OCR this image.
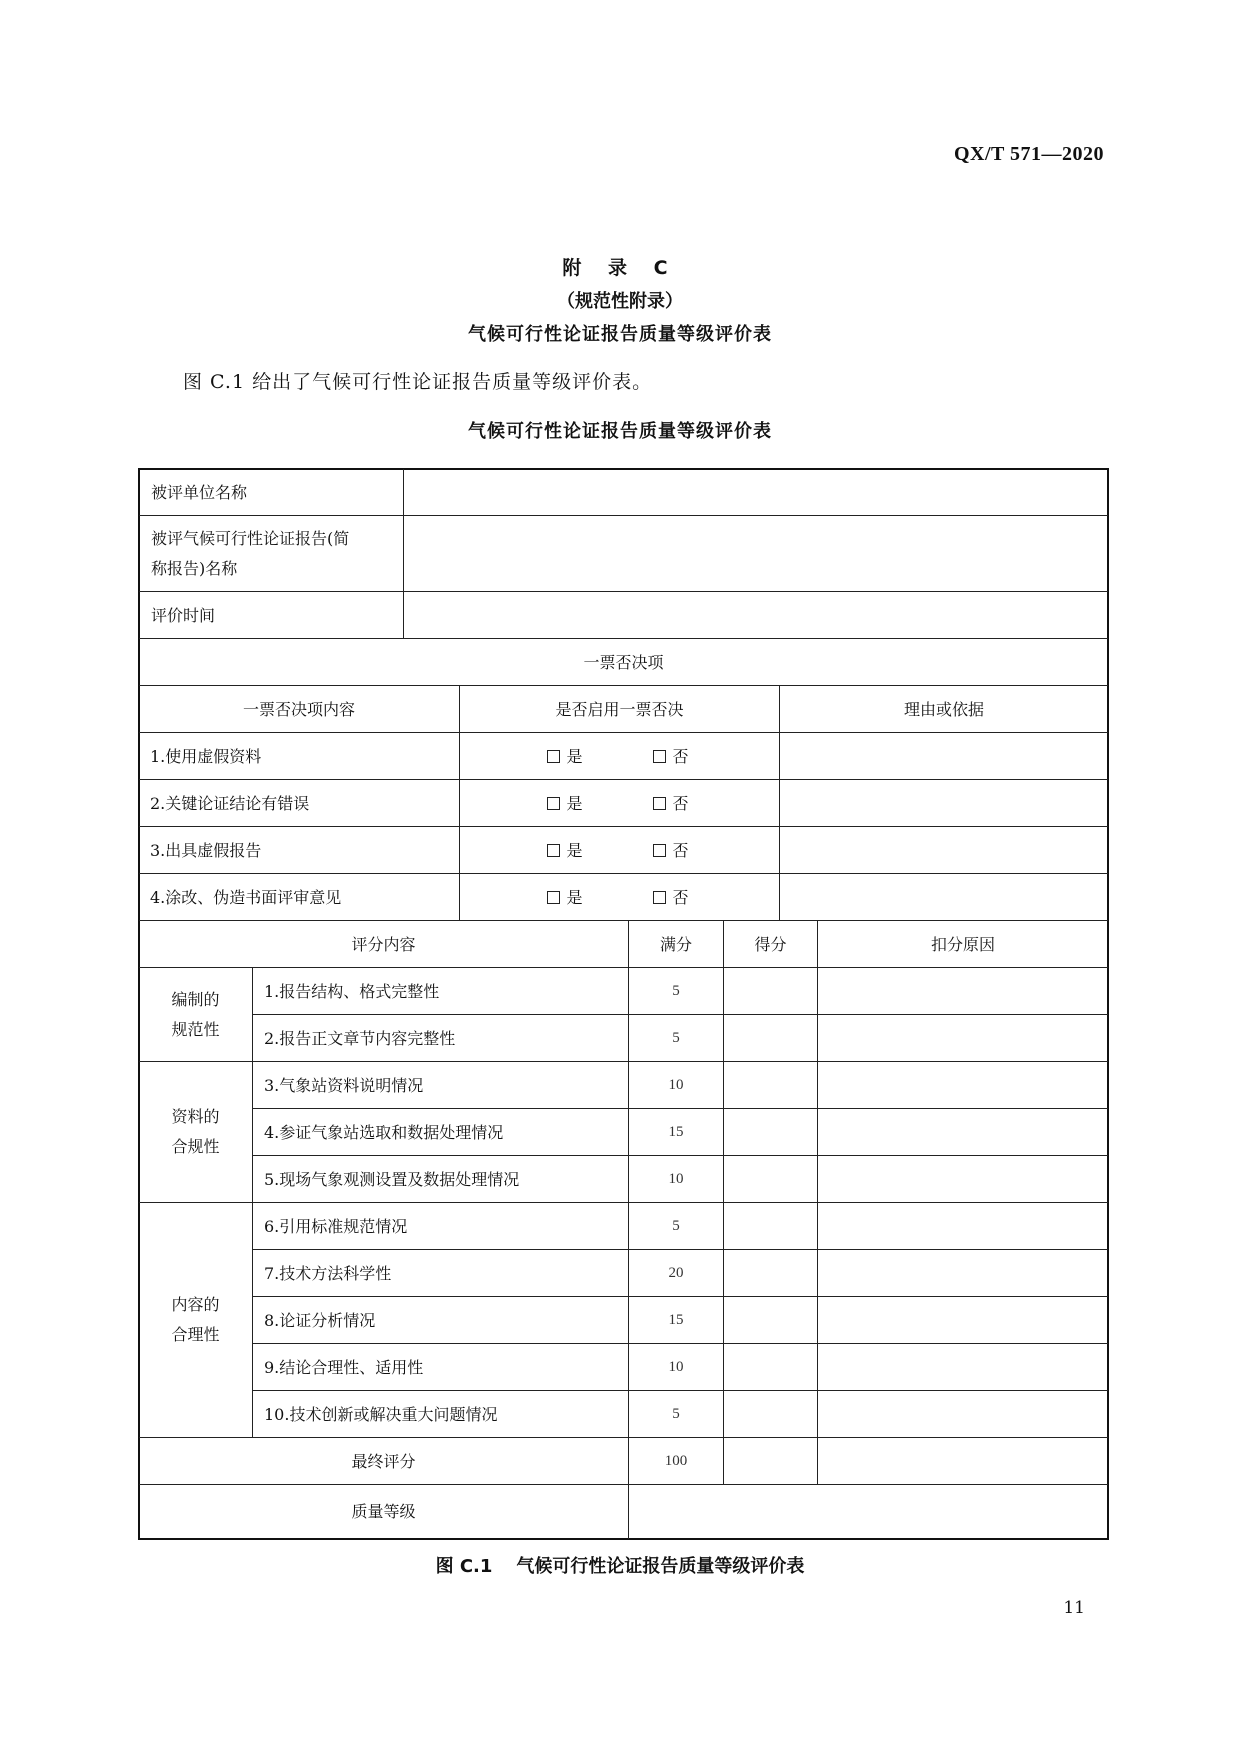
QX/T 571—2020
附 录 C
（规范性附录）
气候可行性论证报告质量等级评价表
图 C.1 给出了气候可行性论证报告质量等级评价表。
气候可行性论证报告质量等级评价表
被评单位名称
被评气候可行性论证报告(简
称报告)名称
评价时间
一票否决项
一票否决项内容	是否启用一票否决	理由或依据
1.使用虚假资料	是	否
2.关键论证结论有错误	是	否
3.出具虚假报告	是	否
4.涂改、伪造书面评审意见	是	否
评分内容	满分	得分	扣分原因
编制的
规范性
1.报告结构、格式完整性	5
2.报告正文章节内容完整性	5
资料的
合规性
3.气象站资料说明情况	10
4.参证气象站选取和数据处理情况	15
5.现场气象观测设置及数据处理情况	10
内容的
合理性
6.引用标准规范情况	5
7.技术方法科学性	20
8.论证分析情况	15
9.结论合理性、适用性	10
10.技术创新或解决重大问题情况	5
最终评分	100
质量等级
图 C.1 气候可行性论证报告质量等级评价表
11
